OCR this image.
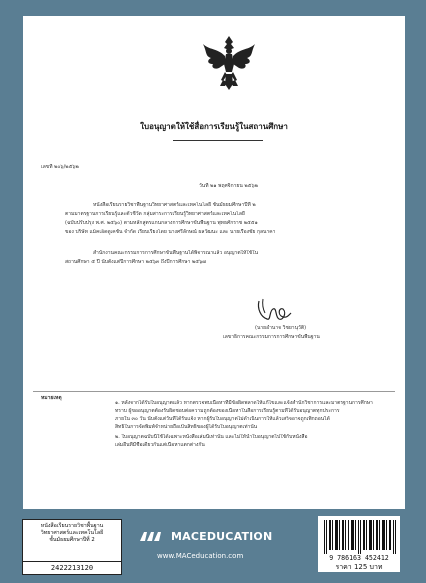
ใบอนุญาตให้ใช้สื่อการเรียนรู้ในสถานศึกษา
เลขที่ ๒๐๖/๒๕๖๒
วันที่ ๒๑ พฤศจิกายน ๒๕๖๒
หนังสือเรียนรายวิชาพื้นฐานวิทยาศาสตร์และเทคโนโลยี ชั้นมัธยมศึกษาปีที่ ๒
ตามมาตรฐานการเรียนรู้และตัวชี้วัด กลุ่มสาระการเรียนรู้วิทยาศาสตร์และเทคโนโลยี
(ฉบับปรับปรุง พ.ศ. ๒๕๖๐) ตามหลักสูตรแกนกลางการศึกษาขั้นพื้นฐาน พุทธศักราช ๒๕๕๑
ของ บริษัท แม็คเอ็ดดูเคชั่น จำกัด เรียบเรียงโดย นางศรีลักษณ์ ผลวัฒนะ และ นายเรืองชัย กุลนาคา
สำนักงานคณะกรรมการการศึกษาขั้นพื้นฐานได้พิจารณาแล้ว อนุญาตให้ใช้ใน
สถานศึกษา ๕ ปี นับตั้งแต่ปีการศึกษา ๒๕๖๓ ถึงปีการศึกษา ๒๕๖๗
(นายอำนาจ วิชยานุวัติ)
เลขาธิการคณะกรรมการการศึกษาขั้นพื้นฐาน
หมายเหตุ
๑. หลังจากได้รับใบอนุญาตแล้ว หากตรวจพบเนื้อหาที่มีข้อผิดพลาดให้แก้ไขและแจ้งสำนักวิชาการและมาตรฐานการศึกษา
ทราบ ผู้ขออนุญาตต้องรับผิดชอบต่อความถูกต้องของเนื้อหาในสื่อการเรียนรู้ตามที่ได้รับอนุญาตทุกประการ
ภายใน ๓๐ วัน นับตั้งแต่วันที่ได้รับแจ้ง หากผู้รับใบอนุญาตไม่ดำเนินการให้แล้วเสร็จอาจถูกเพิกถอนได้
สิทธิในการจัดพิมพ์จำหน่ายถือเป็นสิทธิของผู้ได้รับใบอนุญาตเท่านั้น
๒. ใบอนุญาตฉบับนี้ใช้ได้เฉพาะหนังสือเล่มนี้เท่านั้น และไม่ให้นำใบอนุญาตไปใช้กับหนังสือ
เล่มอื่นที่มีชื่อเดียวกันแต่เนื้อหาแตกต่างกัน
หนังสือเรียนรายวิชาพื้นฐาน
วิทยาศาสตร์และเทคโนโลยี
ชั้นมัธยมศึกษาปีที่ 2
2422213120
MACEDUCATION
www.MACeducation.com	9 786163 452412
ราคา 125 บาท
